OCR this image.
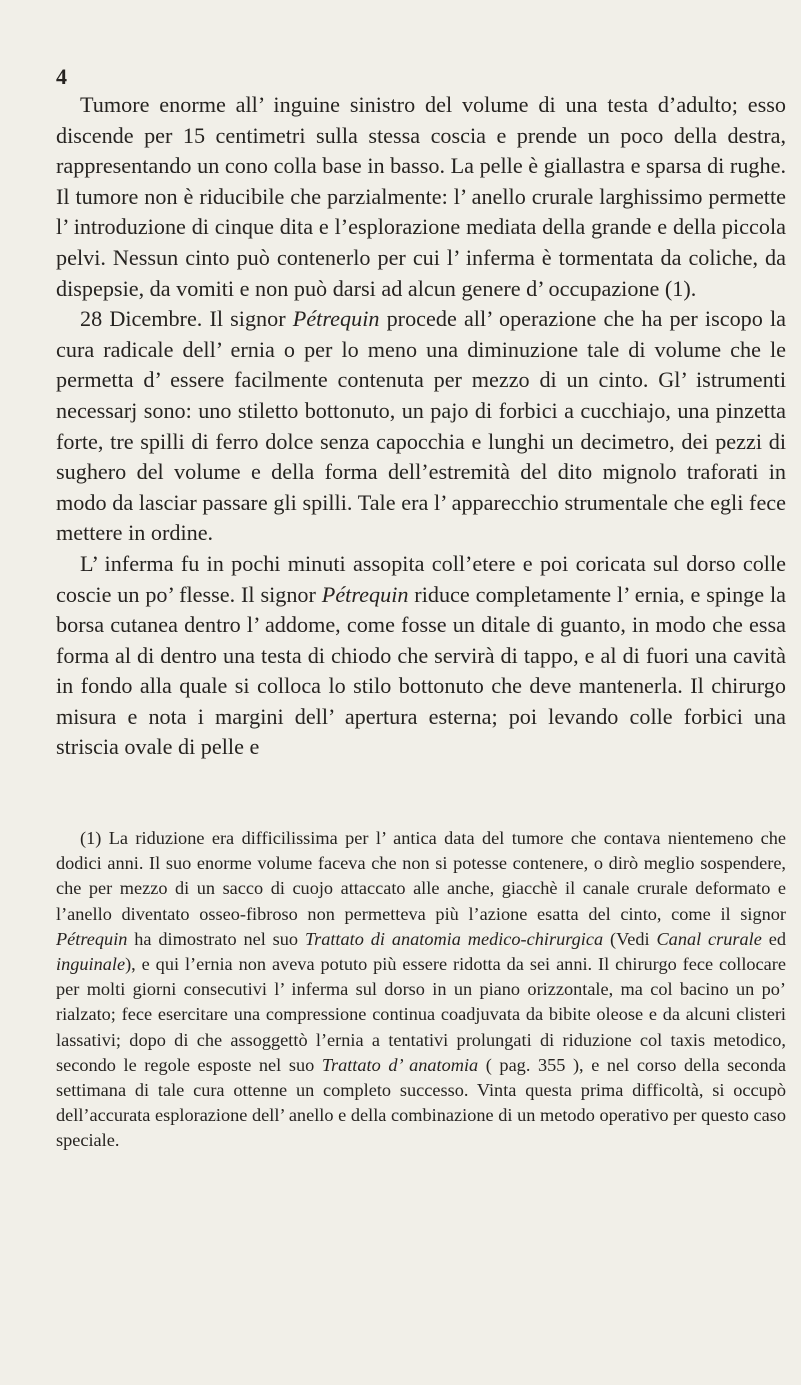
4

Tumore enorme all’ inguine sinistro del volume di una testa d’adulto; esso discende per 15 centimetri sulla stessa coscia e prende un poco della destra, rappresentando un cono colla base in basso. La pelle è giallastra e sparsa di rughe. Il tumore non è riducibile che parzialmente: l’ anello crurale larghissimo permette l’ introduzione di cinque dita e l’esplorazione mediata della grande e della piccola pelvi. Nessun cinto può contenerlo per cui l’ inferma è tormentata da coliche, da dispepsie, da vomiti e non può darsi ad alcun genere d’ occupazione (1).

28 Dicembre. Il signor Pétrequin procede all’ operazione che ha per iscopo la cura radicale dell’ ernia o per lo meno una diminuzione tale di volume che le permetta d’ essere facilmente contenuta per mezzo di un cinto. Gl’ istrumenti necessarj sono: uno stiletto bottonuto, un pajo di forbici a cucchiajo, una pinzetta forte, tre spilli di ferro dolce senza capocchia e lunghi un decimetro, dei pezzi di sughero del volume e della forma dell’estremità del dito mignolo traforati in modo da lasciar passare gli spilli. Tale era l’ apparecchio strumentale che egli fece mettere in ordine.

L’ inferma fu in pochi minuti assopita coll’etere e poi coricata sul dorso colle coscie un po’ flesse. Il signor Pétrequin riduce completamente l’ ernia, e spinge la borsa cutanea dentro l’ addome, come fosse un ditale di guanto, in modo che essa forma al di dentro una testa di chiodo che servirà di tappo, e al di fuori una cavità in fondo alla quale si colloca lo stilo bottonuto che deve mantenerla. Il chirurgo misura e nota i margini dell’ apertura esterna; poi levando colle forbici una striscia ovale di pelle e

(1) La riduzione era difficilissima per l’ antica data del tumore che contava nientemeno che dodici anni. Il suo enorme volume faceva che non si potesse contenere, o dirò meglio sospendere, che per mezzo di un sacco di cuojo attaccato alle anche, giacchè il canale crurale deformato e l’anello diventato osseo-fibroso non permetteva più l’azione esatta del cinto, come il signor Pétrequin ha dimostrato nel suo Trattato di anatomia medico-chirurgica (Vedi Canal crurale ed inguinale), e qui l’ernia non aveva potuto più essere ridotta da sei anni. Il chirurgo fece collocare per molti giorni consecutivi l’ inferma sul dorso in un piano orizzontale, ma col bacino un po’ rialzato; fece esercitare una compressione continua coadjuvata da bibite oleose e da alcuni clisteri lassativi; dopo di che assoggettò l’ernia a tentativi prolungati di riduzione col taxis metodico, secondo le regole esposte nel suo Trattato d’ anatomia ( pag. 355 ), e nel corso della seconda settimana di tale cura ottenne un completo successo. Vinta questa prima difficoltà, si occupò dell’accurata esplorazione dell’ anello e della combinazione di un metodo operativo per questo caso speciale.
